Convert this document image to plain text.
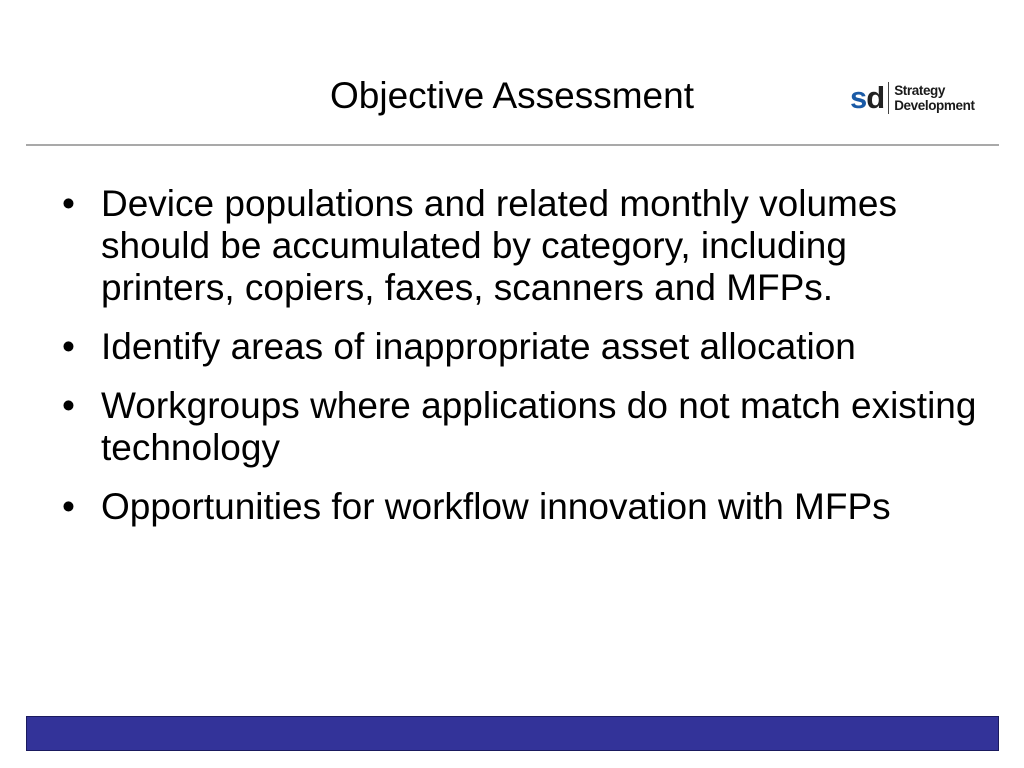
Objective Assessment	sd Strategy
Development
• Device populations and related monthly volumes should be accumulated by category, including printers, copiers, faxes, scanners and MFPs.
• Identify areas of inappropriate asset allocation
• Workgroups where applications do not match existing technology
• Opportunities for workflow innovation with MFPs
